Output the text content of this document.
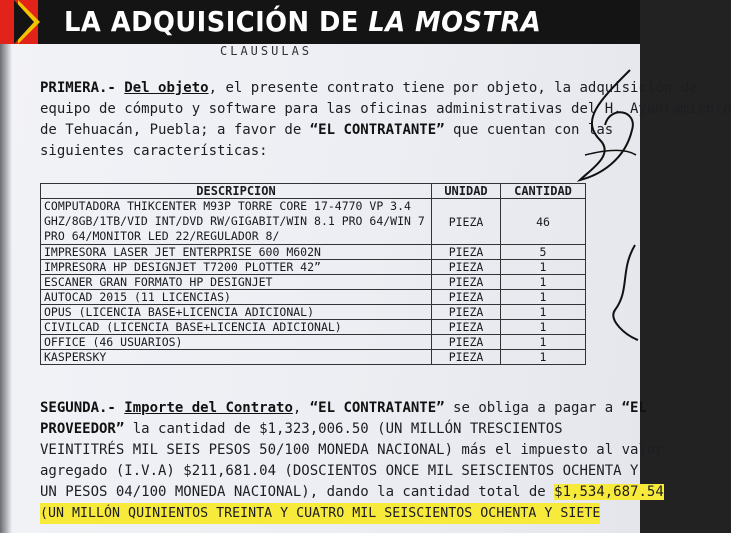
LA ADQUISICIÓN DE LA MOSTRA
CLAUSULAS
PRIMERA.- Del objeto, el presente contrato tiene por objeto, la adquisición de
equipo de cómputo y software para las oficinas administrativas del H. Ayuntamiento
de Tehuacán, Puebla; a favor de “EL CONTRATANTE” que cuentan con las
siguientes características:
DESCRIPCION	UNIDAD	CANTIDAD
COMPUTADORA THIKCENTER M93P TORRE CORE 17-4770 VP 3.4 GHZ/8GB/1TB/VID INT/DVD RW/GIGABIT/WIN 8.1 PRO 64/WIN 7 PRO 64/MONITOR LED 22/REGULADOR 8/	PIEZA	46
IMPRESORA LASER JET ENTERPRISE 600 M602N	PIEZA	5
IMPRESORA HP DESIGNJET T7200 PLOTTER 42”	PIEZA	1
ESCANER GRAN FORMATO HP DESIGNJET	PIEZA	1
AUTOCAD 2015 (11 LICENCIAS)	PIEZA	1
OPUS (LICENCIA BASE+LICENCIA ADICIONAL)	PIEZA	1
CIVILCAD (LICENCIA BASE+LICENCIA ADICIONAL)	PIEZA	1
OFFICE (46 USUARIOS)	PIEZA	1
KASPERSKY	PIEZA	1
SEGUNDA.- Importe del Contrato, “EL CONTRATANTE” se obliga a pagar a “EL
PROVEEDOR” la cantidad de $1,323,006.50 (UN MILLÓN TRESCIENTOS
VEINTITRÉS MIL SEIS PESOS 50/100 MONEDA NACIONAL) más el impuesto al valor
agregado (I.V.A) $211,681.04 (DOSCIENTOS ONCE MIL SEISCIENTOS OCHENTA Y
UN PESOS 04/100 MONEDA NACIONAL), dando la cantidad total de $1,534,687.54
(UN MILLÓN QUINIENTOS TREINTA Y CUATRO MIL SEISCIENTOS OCHENTA Y SIETE
